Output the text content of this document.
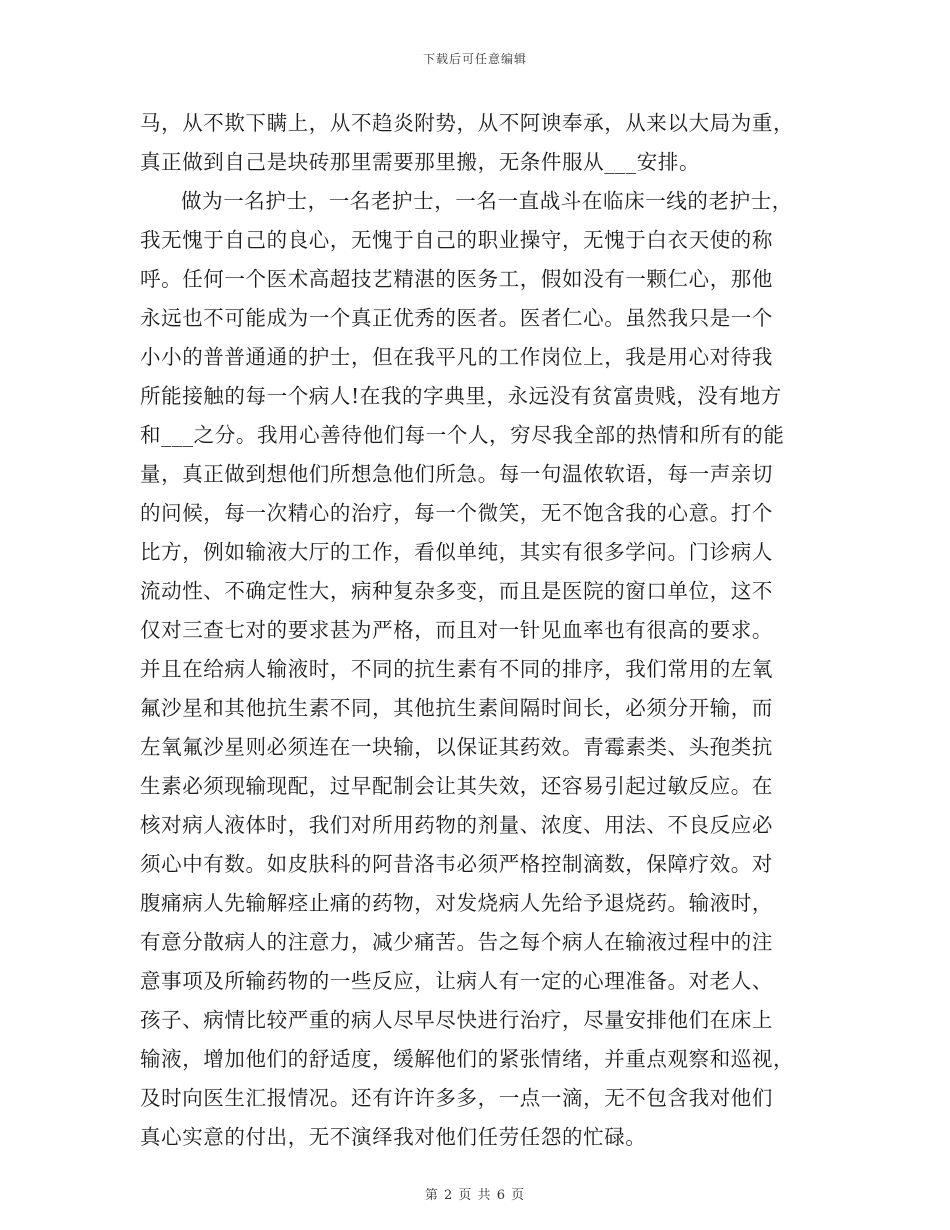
下载后可任意编辑
马，从不欺下瞒上，从不趋炎附势，从不阿谀奉承，从来以大局为重，
真正做到自己是块砖那里需要那里搬，无条件服从___安排。
做为一名护士，一名老护士，一名一直战斗在临床一线的老护士，
我无愧于自己的良心，无愧于自己的职业操守，无愧于白衣天使的称
呼。任何一个医术高超技艺精湛的医务工，假如没有一颗仁心，那他
永远也不可能成为一个真正优秀的医者。医者仁心。虽然我只是一个
小小的普普通通的护士，但在我平凡的工作岗位上，我是用心对待我
所能接触的每一个病人!在我的字典里，永远没有贫富贵贱，没有地方
和___之分。我用心善待他们每一个人，穷尽我全部的热情和所有的能
量，真正做到想他们所想急他们所急。每一句温侬软语，每一声亲切
的问候，每一次精心的治疗，每一个微笑，无不饱含我的心意。打个
比方，例如输液大厅的工作，看似单纯，其实有很多学问。门诊病人
流动性、不确定性大，病种复杂多变，而且是医院的窗口单位，这不
仅对三查七对的要求甚为严格，而且对一针见血率也有很高的要求。
并且在给病人输液时，不同的抗生素有不同的排序，我们常用的左氧
氟沙星和其他抗生素不同，其他抗生素间隔时间长，必须分开输，而
左氧氟沙星则必须连在一块输，以保证其药效。青霉素类、头孢类抗
生素必须现输现配，过早配制会让其失效，还容易引起过敏反应。在
核对病人液体时，我们对所用药物的剂量、浓度、用法、不良反应必
须心中有数。如皮肤科的阿昔洛韦必须严格控制滴数，保障疗效。对
腹痛病人先输解痉止痛的药物，对发烧病人先给予退烧药。输液时，
有意分散病人的注意力，减少痛苦。告之每个病人在输液过程中的注
意事项及所输药物的一些反应，让病人有一定的心理准备。对老人、
孩子、病情比较严重的病人尽早尽快进行治疗，尽量安排他们在床上
输液，增加他们的舒适度，缓解他们的紧张情绪，并重点观察和巡视，
及时向医生汇报情况。还有许许多多，一点一滴，无不包含我对他们
真心实意的付出，无不演绎我对他们任劳任怨的忙碌。
第 2 页 共 6 页
